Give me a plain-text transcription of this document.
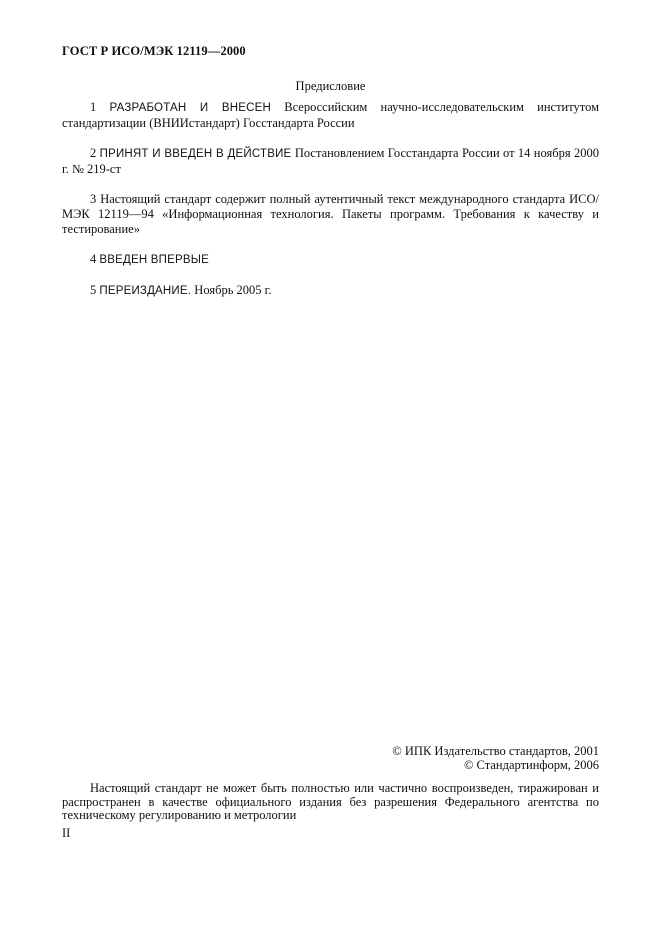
ГОСТ Р ИСО/МЭК 12119—2000
Предисловие

1 РАЗРАБОТАН И ВНЕСЕН Всероссийским научно-исследовательским институтом стандартизации (ВНИИстандарт) Госстандарта России

2 ПРИНЯТ И ВВЕДЕН В ДЕЙСТВИЕ Постановлением Госстандарта России от 14 ноября 2000 г. № 219-ст

3 Настоящий стандарт содержит полный аутентичный текст международного стандарта ИСО/МЭК 12119—94 «Информационная технология. Пакеты программ. Требования к качеству и тестирование»

4 ВВЕДЕН ВПЕРВЫЕ

5 ПЕРЕИЗДАНИЕ. Ноябрь 2005 г.

© ИПК Издательство стандартов, 2001
© Стандартинформ, 2006

Настоящий стандарт не может быть полностью или частично воспроизведен, тиражирован и распространен в качестве официального издания без разрешения Федерального агентства по техническому регулированию и метрологии

II
